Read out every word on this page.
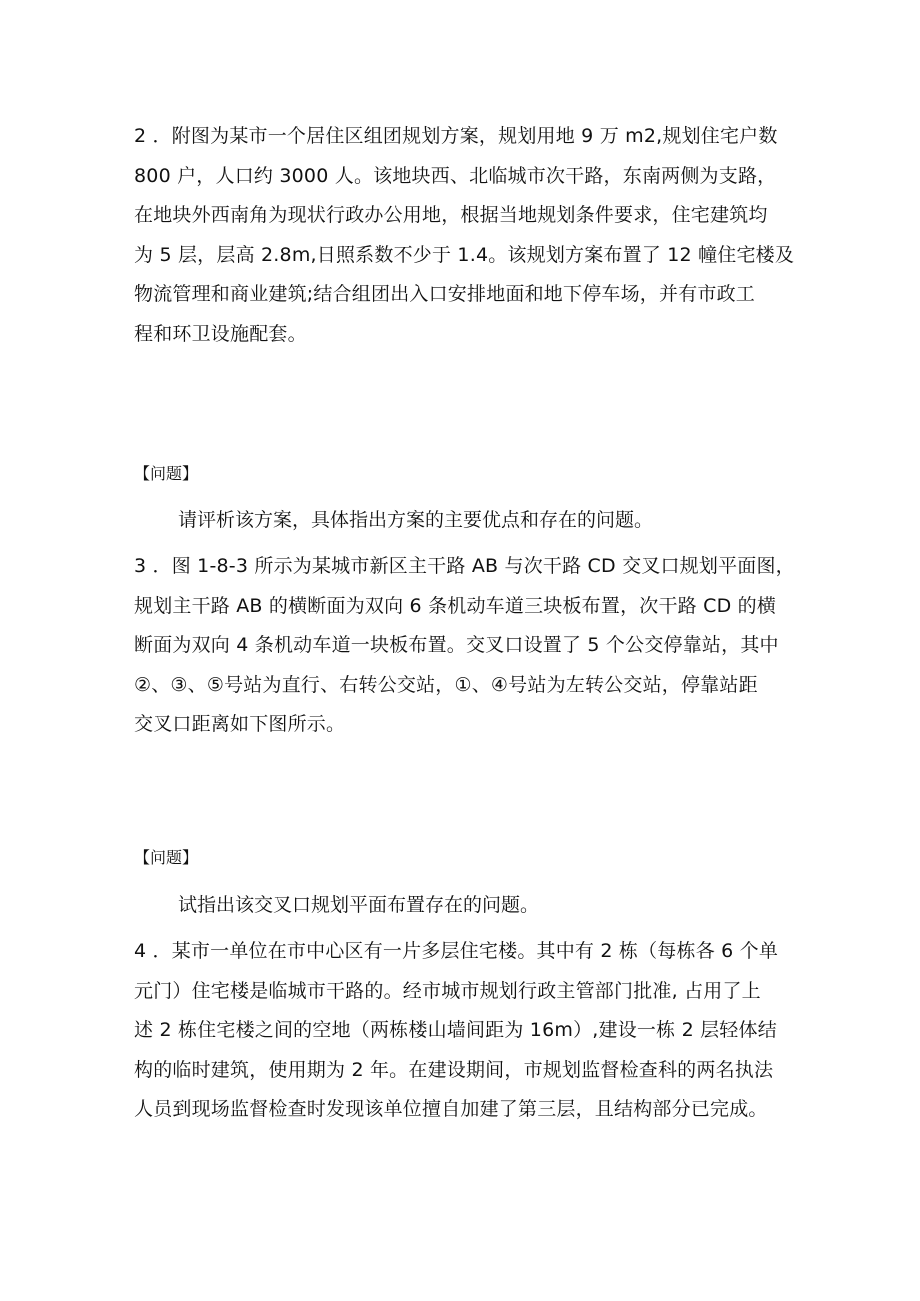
2 ．附图为某市一个居住区组团规划方案，规划用地 9 万 m2,规划住宅户数
800 户，人口约 3000 人。该地块西、北临城市次干路，东南两侧为支路，
在地块外西南角为现状行政办公用地，根据当地规划条件要求，住宅建筑均
为 5 层，层高 2.8m,日照系数不少于 1.4。该规划方案布置了 12 幢住宅楼及
物流管理和商业建筑;结合组团出入口安排地面和地下停车场，并有市政工
程和环卫设施配套。
【问题】
请评析该方案，具体指出方案的主要优点和存在的问题。
3 ．图 1-8-3 所示为某城市新区主干路 AB 与次干路 CD 交叉口规划平面图，
规划主干路 AB 的横断面为双向 6 条机动车道三块板布置，次干路 CD 的横
断面为双向 4 条机动车道一块板布置。交叉口设置了 5 个公交停靠站，其中
②、③、⑤号站为直行、右转公交站，①、④号站为左转公交站，停靠站距
交叉口距离如下图所示。
【问题】
试指出该交叉口规划平面布置存在的问题。
4 ．某市一单位在市中心区有一片多层住宅楼。其中有 2 栋（每栋各 6 个单
元门）住宅楼是临城市干路的。经市城市规划行政主管部门批准, 占用了上
述 2 栋住宅楼之间的空地（两栋楼山墙间距为 16m）,建设一栋 2 层轻体结
构的临时建筑，使用期为 2 年。在建设期间，市规划监督检查科的两名执法
人员到现场监督检查时发现该单位擅自加建了第三层，且结构部分已完成。
